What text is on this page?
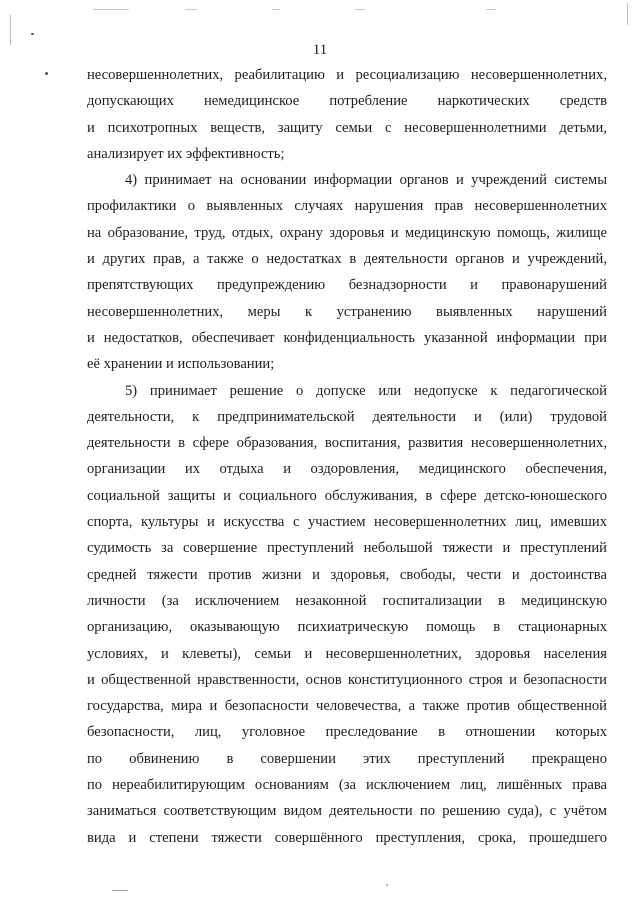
11
несовершеннолетних, реабилитацию и ресоциализацию несовершеннолетних,
допускающих немедицинское потребление наркотических средств
и психотропных веществ, защиту семьи с несовершеннолетними детьми,
анализирует их эффективность;
4) принимает на основании информации органов и учреждений системы
профилактики о выявленных случаях нарушения прав несовершеннолетних
на образование, труд, отдых, охрану здоровья и медицинскую помощь, жилище
и других прав, а также о недостатках в деятельности органов и учреждений,
препятствующих предупреждению безнадзорности и правонарушений
несовершеннолетних, меры к устранению выявленных нарушений
и недостатков, обеспечивает конфиденциальность указанной информации при
её хранении и использовании;
5) принимает решение о допуске или недопуске к педагогической
деятельности, к предпринимательской деятельности и (или) трудовой
деятельности в сфере образования, воспитания, развития несовершеннолетних,
организации их отдыха и оздоровления, медицинского обеспечения,
социальной защиты и социального обслуживания, в сфере детско-юношеского
спорта, культуры и искусства с участием несовершеннолетних лиц, имевших
судимость за совершение преступлений небольшой тяжести и преступлений
средней тяжести против жизни и здоровья, свободы, чести и достоинства
личности (за исключением незаконной госпитализации в медицинскую
организацию, оказывающую психиатрическую помощь в стационарных
условиях, и клеветы), семьи и несовершеннолетних, здоровья населения
и общественной нравственности, основ конституционного строя и безопасности
государства, мира и безопасности человечества, а также против общественной
безопасности, лиц, уголовное преследование в отношении которых
по обвинению в совершении этих преступлений прекращено
по нереабилитирующим основаниям (за исключением лиц, лишённых права
заниматься соответствующим видом деятельности по решению суда), с учётом
вида и степени тяжести совершённого преступления, срока, прошедшего
